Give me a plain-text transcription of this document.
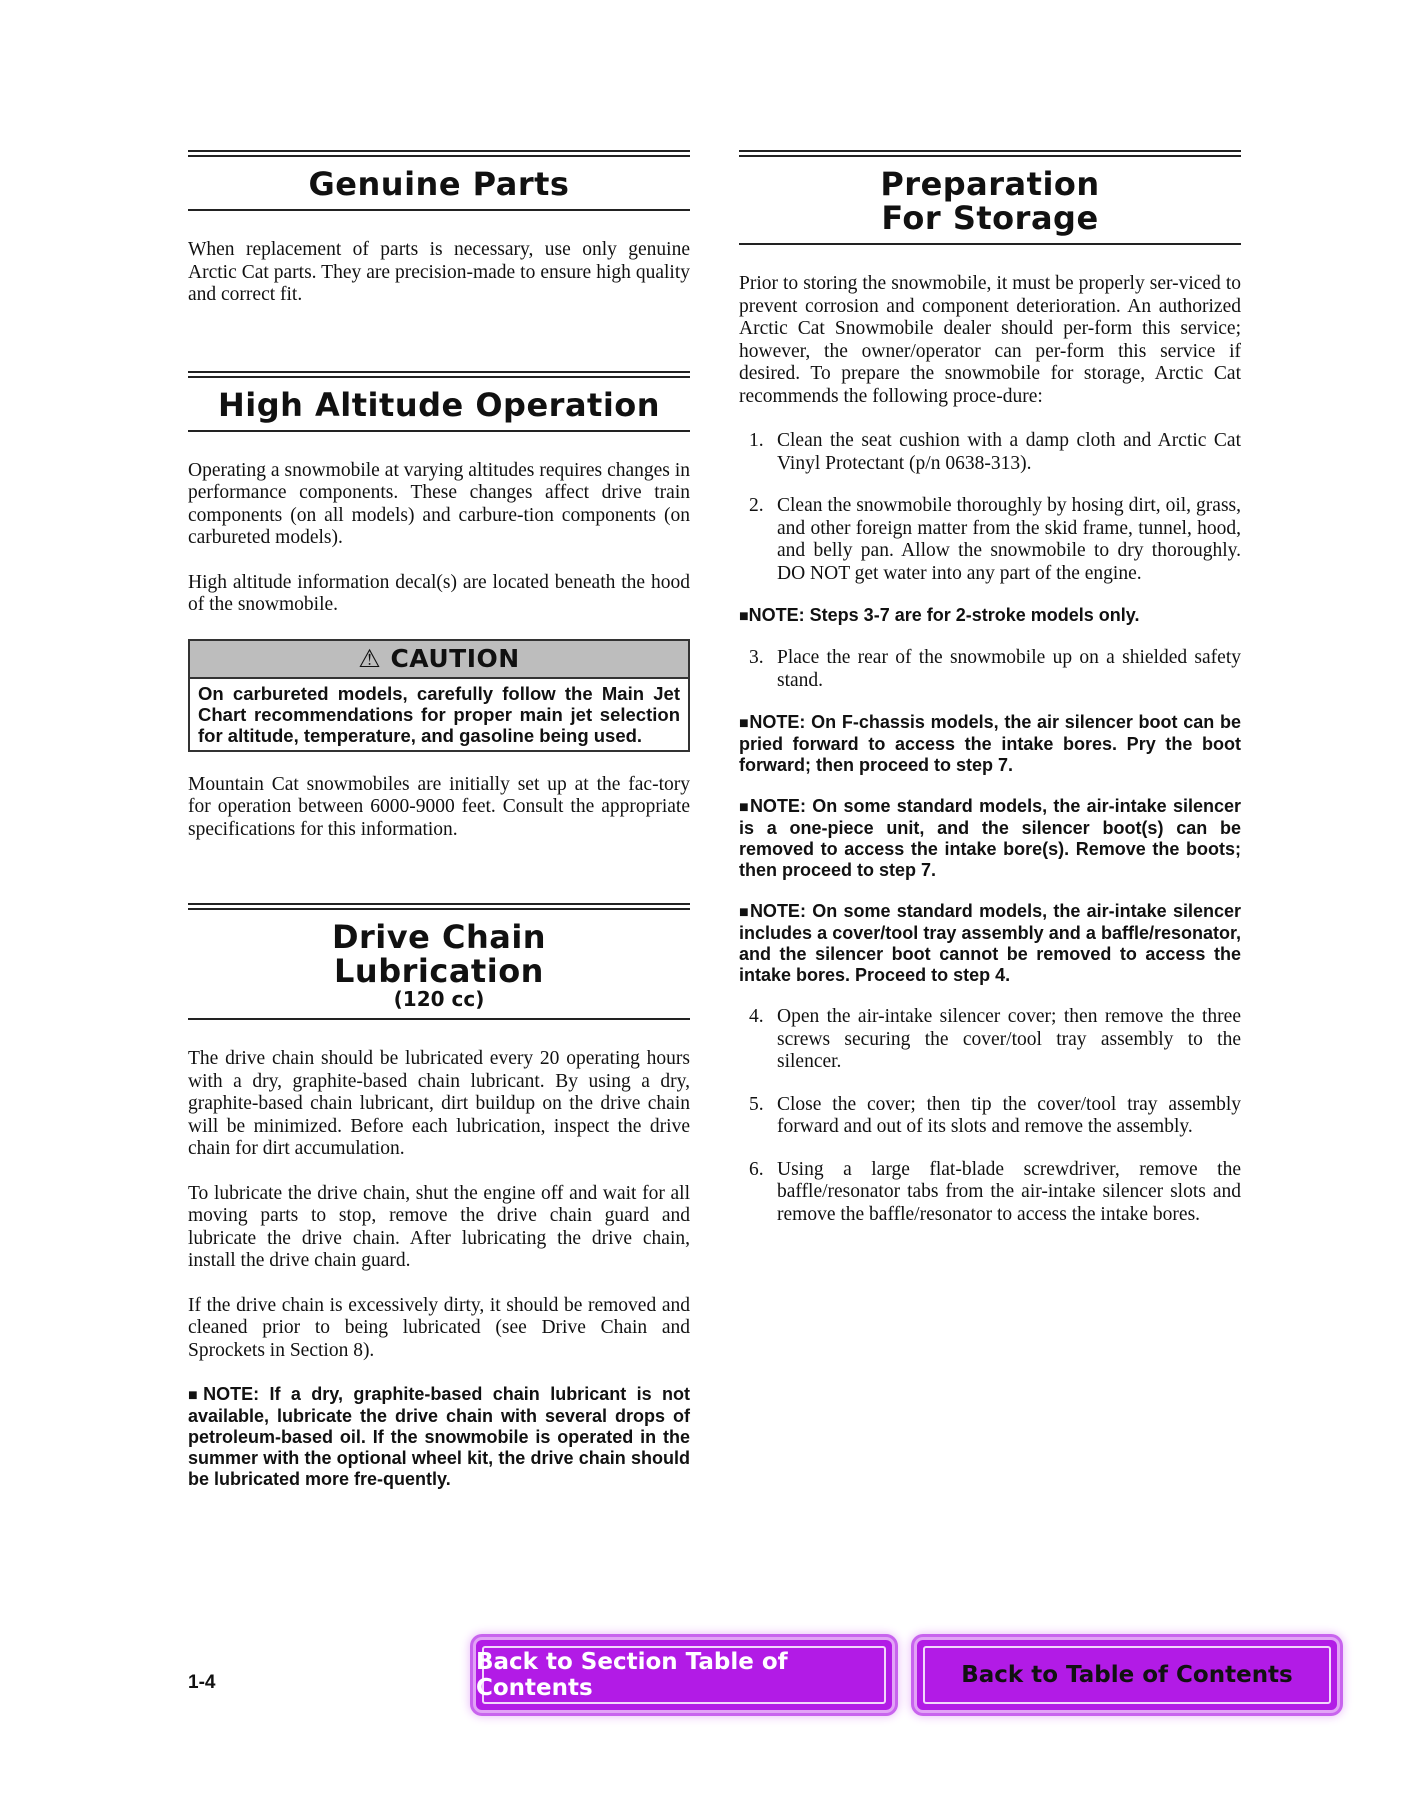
Genuine Parts

When replacement of parts is necessary, use only genuine Arctic Cat parts. They are precision-made to ensure high quality and correct fit.

High Altitude Operation

Operating a snowmobile at varying altitudes requires changes in performance components. These changes affect drive train components (on all models) and carbure-tion components (on carbureted models).

High altitude information decal(s) are located beneath the hood of the snowmobile.

⚠ CAUTION
On carbureted models, carefully follow the Main Jet Chart recommendations for proper main jet selection for altitude, temperature, and gasoline being used.

Mountain Cat snowmobiles are initially set up at the fac-tory for operation between 6000-9000 feet. Consult the appropriate specifications for this information.

Drive Chain
Lubrication
(120 cc)

The drive chain should be lubricated every 20 operating hours with a dry, graphite-based chain lubricant. By using a dry, graphite-based chain lubricant, dirt buildup on the drive chain will be minimized. Before each lubrication, inspect the drive chain for dirt accumulation.

To lubricate the drive chain, shut the engine off and wait for all moving parts to stop, remove the drive chain guard and lubricate the drive chain. After lubricating the drive chain, install the drive chain guard.

If the drive chain is excessively dirty, it should be removed and cleaned prior to being lubricated (see Drive Chain and Sprockets in Section 8).

■NOTE: If a dry, graphite-based chain lubricant is not available, lubricate the drive chain with several drops of petroleum-based oil. If the snowmobile is operated in the summer with the optional wheel kit, the drive chain should be lubricated more fre-quently.

Preparation
For Storage

Prior to storing the snowmobile, it must be properly ser-viced to prevent corrosion and component deterioration. An authorized Arctic Cat Snowmobile dealer should per-form this service; however, the owner/operator can per-form this service if desired. To prepare the snowmobile for storage, Arctic Cat recommends the following proce-dure:

1. Clean the seat cushion with a damp cloth and Arctic Cat Vinyl Protectant (p/n 0638-313).
2. Clean the snowmobile thoroughly by hosing dirt, oil, grass, and other foreign matter from the skid frame, tunnel, hood, and belly pan. Allow the snowmobile to dry thoroughly. DO NOT get water into any part of the engine.

■NOTE: Steps 3-7 are for 2-stroke models only.

3. Place the rear of the snowmobile up on a shielded safety stand.

■NOTE: On F-chassis models, the air silencer boot can be pried forward to access the intake bores. Pry the boot forward; then proceed to step 7.

■NOTE: On some standard models, the air-intake silencer is a one-piece unit, and the silencer boot(s) can be removed to access the intake bore(s). Remove the boots; then proceed to step 7.

■NOTE: On some standard models, the air-intake silencer includes a cover/tool tray assembly and a baffle/resonator, and the silencer boot cannot be removed to access the intake bores. Proceed to step 4.

4. Open the air-intake silencer cover; then remove the three screws securing the cover/tool tray assembly to the silencer.
5. Close the cover; then tip the cover/tool tray assembly forward and out of its slots and remove the assembly.
6. Using a large flat-blade screwdriver, remove the baffle/resonator tabs from the air-intake silencer slots and remove the baffle/resonator to access the intake bores.
1-4
Back to Section Table of Contents	Back to Table of Contents
